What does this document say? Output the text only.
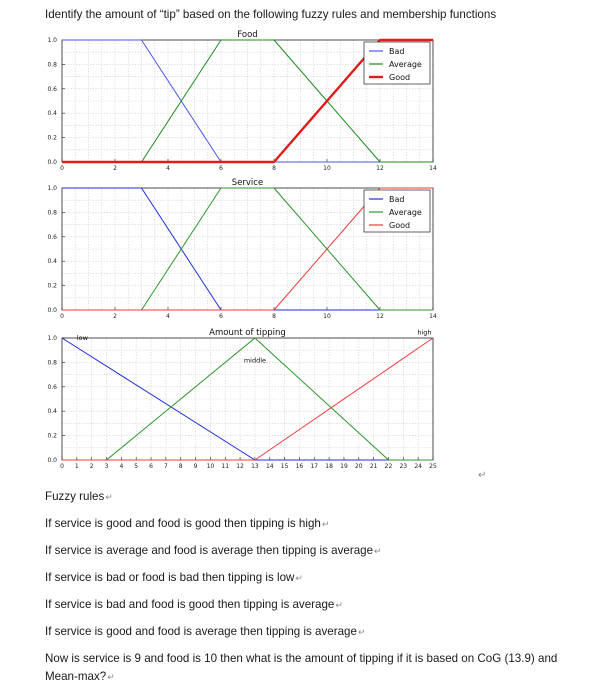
Identify the amount of “tip” based on the following fuzzy rules and membership functions
0.0
0.2
0.4
0.6
0.8
1.0
0	2	4	6	8	10	12	14
Food
Bad
Average
Good
0.0
0.2
0.4
0.6
0.8
1.0
0	2	4	6	8	10	12	14
Service
Bad
Average
Good
0.0
0.2
0.4
0.6
0.8
1.0
0 1 2 3 4 5 6 7 8 9 10 11 12 13 14 15 16 17 18 19 20 21 22 23 24 25
Amount of tipping
low
middle
high
↵
Fuzzy rules↵
If service is good and food is good then tipping is high↵
If service is average and food is average then tipping is average↵
If service is bad or food is bad then tipping is low↵
If service is bad and food is good then tipping is average↵
If service is good and food is average then tipping is average↵
Now is service is 9 and food is 10 then what is the amount of tipping if it is based on CoG (13.9) and
Mean-max?↵
